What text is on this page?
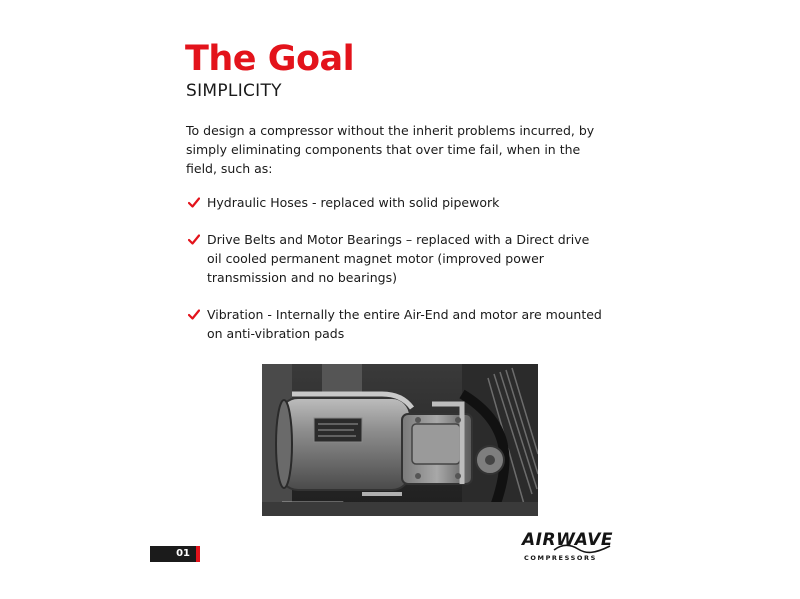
The Goal
SIMPLICITY

To design a compressor without the inherit problems incurred, by simply eliminating components that over time fail, when in the field, such as:

Hydraulic Hoses - replaced with solid pipework
Drive Belts and Motor Bearings – replaced with a Direct drive oil cooled permanent magnet motor (improved power transmission and no bearings)
Vibration - Internally the entire Air-End and motor are mounted on anti-vibration pads
01
AIRWAVE
COMPRESSORS
